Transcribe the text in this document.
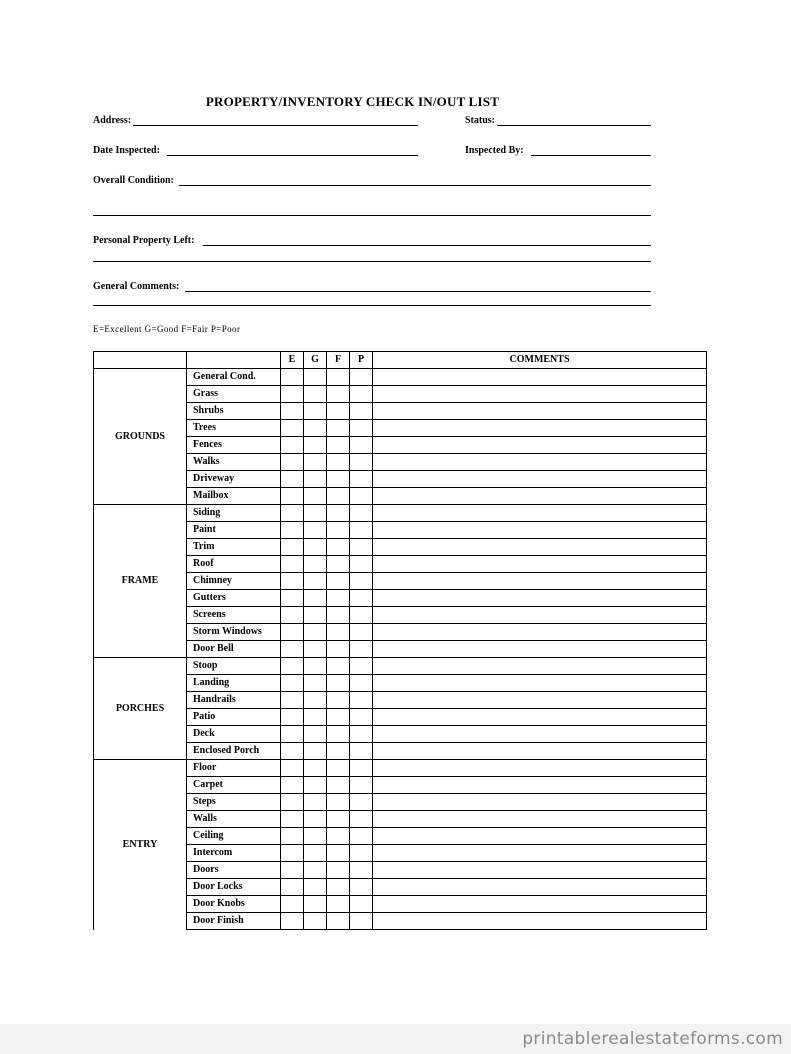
PROPERTY/INVENTORY CHECK IN/OUT LIST
Address:	Status:
Date Inspected:	Inspected By:
Overall Condition:
Personal Property Left:
General Comments:
E=Excellent G=Good F=Fair P=Poor
		E	G	F	P	COMMENTS
GROUNDS	General Cond.					
	Grass					
	Shrubs					
	Trees					
	Fences					
	Walks					
	Driveway					
	Mailbox					
FRAME	Siding					
	Paint					
	Trim					
	Roof					
	Chimney					
	Gutters					
	Screens					
	Storm Windows					
	Door Bell					
PORCHES	Stoop					
	Landing					
	Handrails					
	Patio					
	Deck					
	Enclosed Porch					
ENTRY	Floor					
	Carpet					
	Steps					
	Walls					
	Ceiling					
	Intercom					
	Doors					
	Door Locks					
	Door Knobs					
	Door Finish					
printablerealestateforms.com
